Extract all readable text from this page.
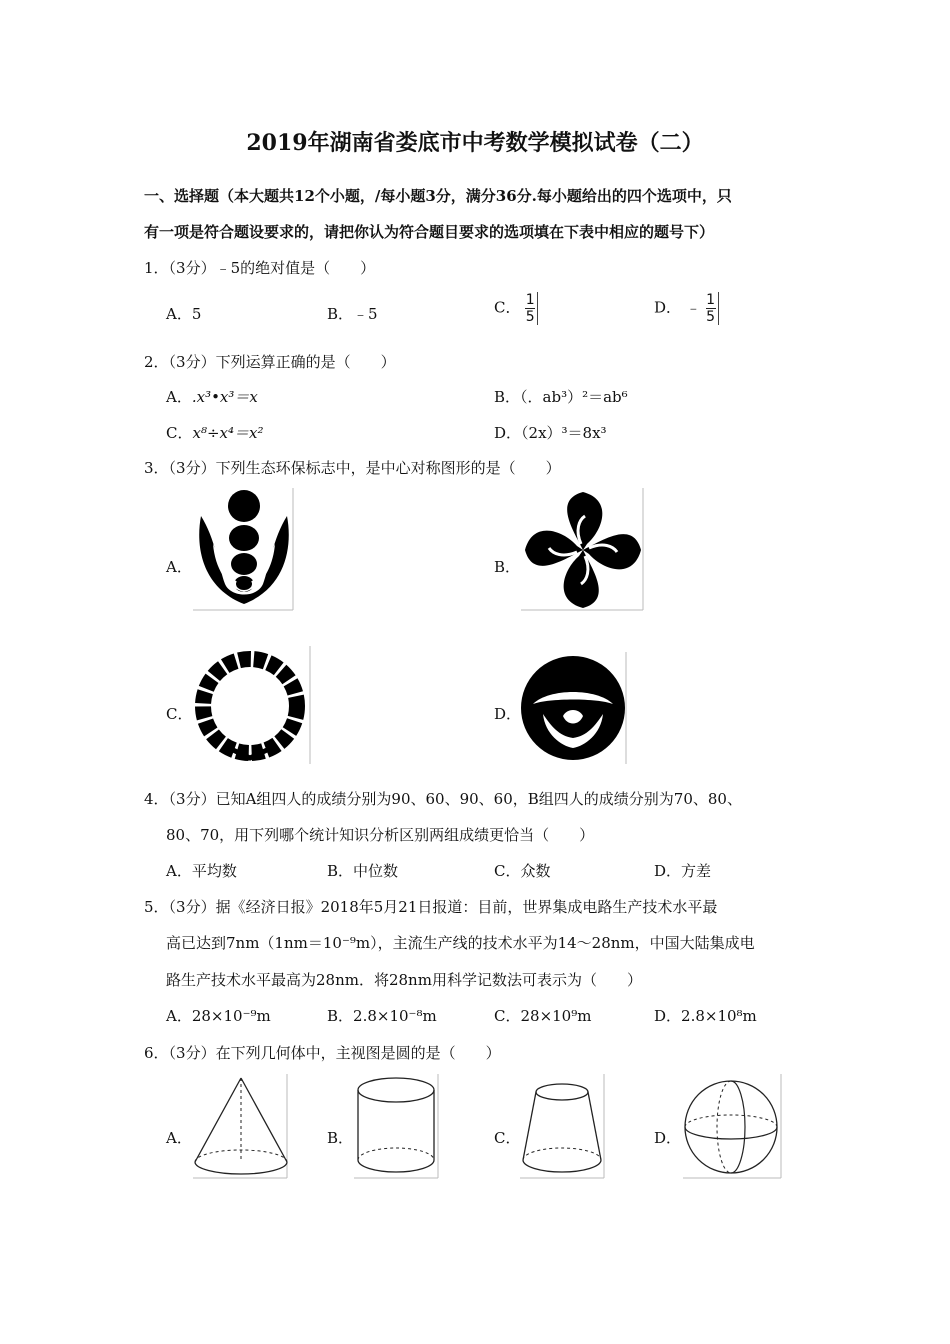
2019年湖南省娄底市中考数学模拟试卷（二）
一、选择题（本大题共12个小题，/每小题3分，满分36分.每小题给出的四个选项中，只
有一项是符合题设要求的，请把你认为符合题目要求的选项填在下表中相应的题号下）
1．（3分）﹣5的绝对值是（　　）
A．5	B．﹣5	C． $\frac{1}{5}$	D． ﹣ $\frac{1}{5}$
2．（3分）下列运算正确的是（　　）
A．.x³•x³＝x	B．（．ab³）²＝ab⁶
C．x⁸÷x⁴＝x²	D．（2x）³＝8x³
3．（3分）下列生态环保标志中，是中心对称图形的是（　　）
A．	B．
C．	D．
4．（3分）已知A组四人的成绩分别为90、60、90、60，B组四人的成绩分别为70、80、
80、70，用下列哪个统计知识分析区别两组成绩更恰当（　　）
A．平均数	B．中位数	C．众数	D．方差
5．（3分）据《经济日报》2018年5月21日报道：目前，世界集成电路生产技术水平最
高已达到7nm（1nm＝10⁻⁹m），主流生产线的技术水平为14～28nm，中国大陆集成电
路生产技术水平最高为28nm．将28nm用科学记数法可表示为（　　）
A．28×10⁻⁹m	B．2.8×10⁻⁸m	C．28×10⁹m	D．2.8×10⁸m
6．（3分）在下列几何体中，主视图是圆的是（　　）
A．	B．	C．	D．
